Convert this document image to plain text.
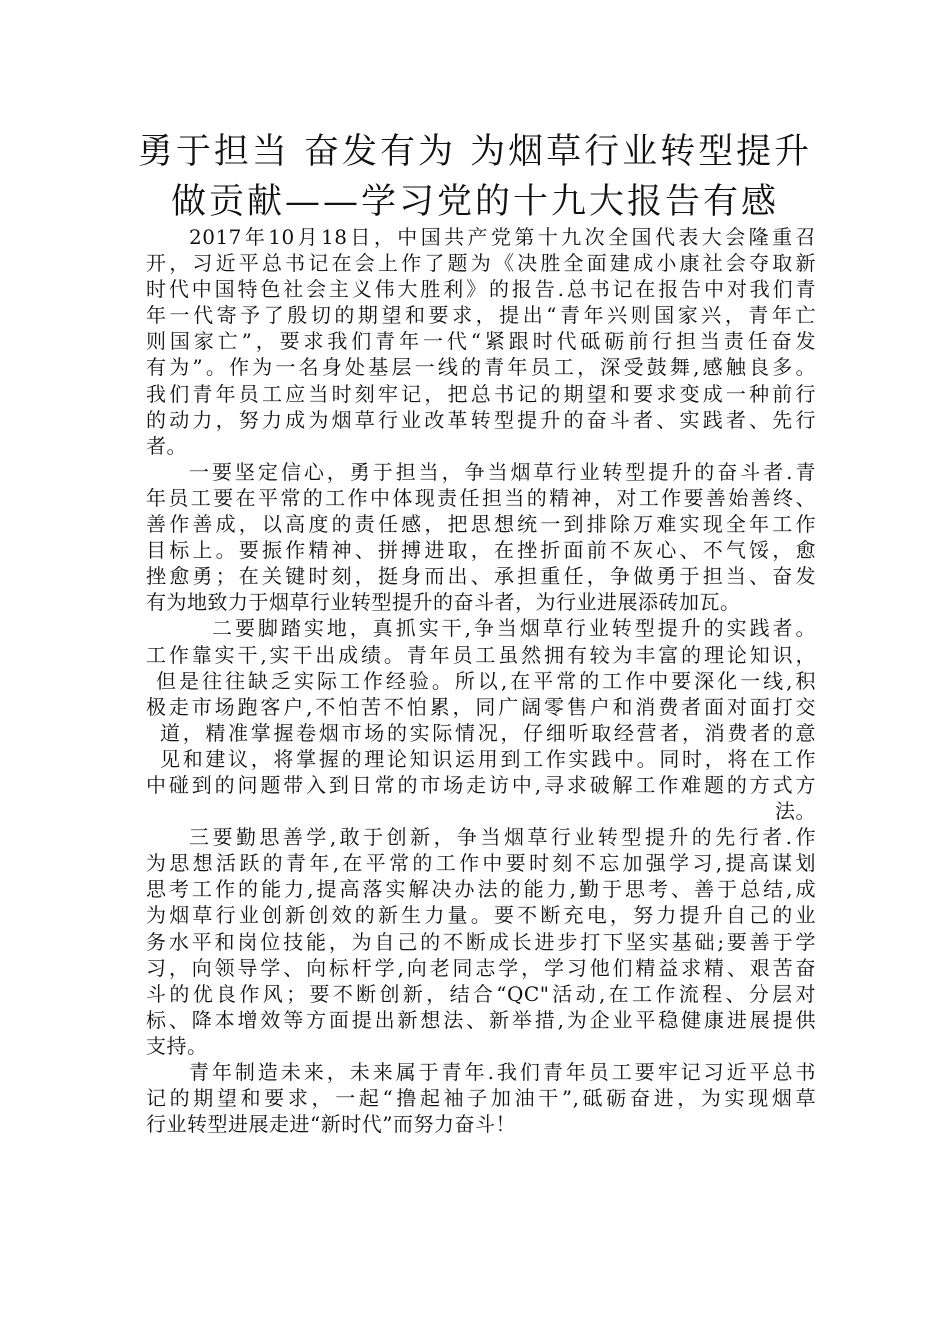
勇于担当 奋发有为 为烟草行业转型提升
做贡献——学习党的十九大报告有感
2017年10月18日，中国共产党第十九次全国代表大会隆重召
开，习近平总书记在会上作了题为《决胜全面建成小康社会夺取新
时代中国特色社会主义伟大胜利》的报告.总书记在报告中对我们青
年一代寄予了殷切的期望和要求，提出“青年兴则国家兴，青年亡
则国家亡”，要求我们青年一代“紧跟时代砥砺前行担当责任奋发
有为”。作为一名身处基层一线的青年员工，深受鼓舞,感触良多。
我们青年员工应当时刻牢记，把总书记的期望和要求变成一种前行
的动力，努力成为烟草行业改革转型提升的奋斗者、实践者、先行
者。
一要坚定信心，勇于担当，争当烟草行业转型提升的奋斗者.青
年员工要在平常的工作中体现责任担当的精神，对工作要善始善终、
善作善成，以高度的责任感，把思想统一到排除万难实现全年工作
目标上。要振作精神、拼搏进取，在挫折面前不灰心、不气馁，愈
挫愈勇；在关键时刻，挺身而出、承担重任，争做勇于担当、奋发
有为地致力于烟草行业转型提升的奋斗者，为行业进展添砖加瓦。
二要脚踏实地，真抓实干,争当烟草行业转型提升的实践者。
工作靠实干,实干出成绩。青年员工虽然拥有较为丰富的理论知识，
但是往往缺乏实际工作经验。所以,在平常的工作中要深化一线,积
极走市场跑客户,不怕苦不怕累，同广阔零售户和消费者面对面打交
道，精准掌握卷烟市场的实际情况，仔细听取经营者，消费者的意
见和建议，将掌握的理论知识运用到工作实践中。同时，将在工作
中碰到的问题带入到日常的市场走访中,寻求破解工作难题的方式方
法。
三要勤思善学,敢于创新，争当烟草行业转型提升的先行者.作
为思想活跃的青年,在平常的工作中要时刻不忘加强学习,提高谋划
思考工作的能力,提高落实解决办法的能力,勤于思考、善于总结,成
为烟草行业创新创效的新生力量。要不断充电，努力提升自己的业
务水平和岗位技能，为自己的不断成长进步打下坚实基础;要善于学
习，向领导学、向标杆学,向老同志学，学习他们精益求精、艰苦奋
斗的优良作风；要不断创新，结合“QC"活动,在工作流程、分层对
标、降本增效等方面提出新想法、新举措,为企业平稳健康进展提供
支持。
青年制造未来，未来属于青年.我们青年员工要牢记习近平总书
记的期望和要求，一起“撸起袖子加油干”,砥砺奋进，为实现烟草
行业转型进展走进“新时代”而努力奋斗！
